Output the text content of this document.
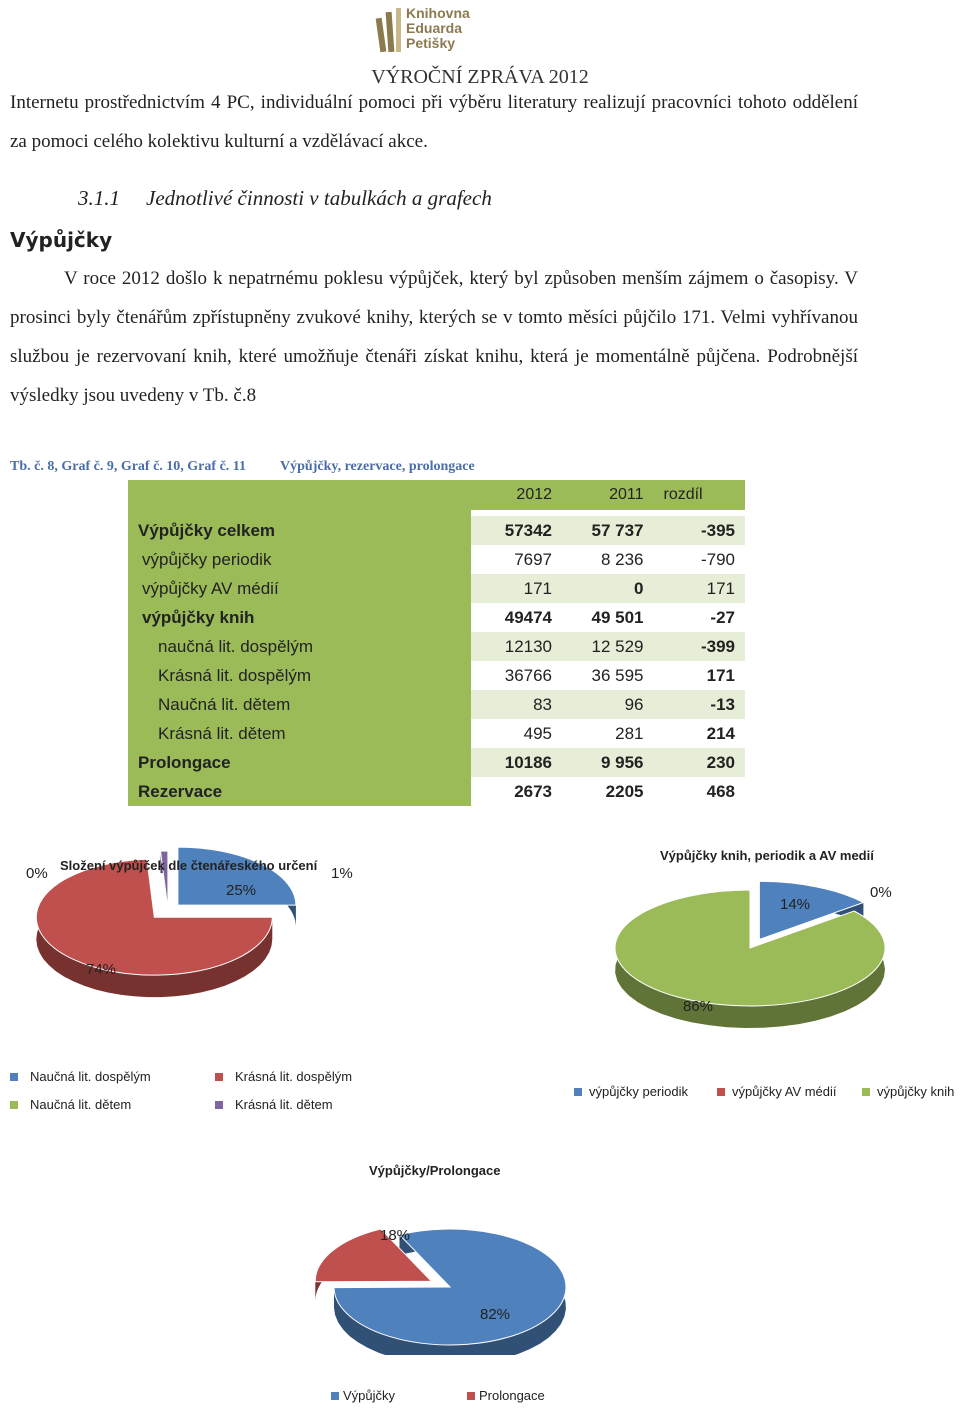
Knihovna
Eduarda
Petišky
VÝROČNÍ ZPRÁVA 2012
Internetu prostřednictvím 4 PC, individuální pomoci při výběru literatury realizují pracovníci tohoto oddělení za pomoci celého kolektivu kulturní a vzdělávací akce.
3.1.1 Jednotlivé činnosti v tabulkách a grafech
Výpůjčky
V roce 2012 došlo k nepatrnému poklesu výpůjček, který byl způsoben menším zájmem o časopisy. V prosinci byly čtenářům zpřístupněny zvukové knihy, kterých se v tomto měsíci půjčilo 171. Velmi vyhřívanou službou je rezervovaní knih, které umožňuje čtenáři získat knihu, která je momentálně půjčena. Podrobnější výsledky jsou uvedeny v Tb. č.8
Tb. č. 8, Graf č. 9, Graf č. 10, Graf č. 11 Výpůjčky, rezervace, prolongace
	2012	2011	rozdíl

Výpůjčky celkem	57342	57 737	-395
výpůjčky periodik	7697	8 236	-790
výpůjčky AV médií	171	0	171
výpůjčky knih	49474	49 501	-27
naučná lit. dospělým	12130	12 529	-399
Krásná lit. dospělým	36766	36 595	171
Naučná lit. dětem	83	96	-13
Krásná lit. dětem	495	281	214
Prolongace	10186	9 956	230
Rezervace	2673	2205	468
Složení výpůjček dle čtenářeského určení
25%
74%
0%	1%
Naučná lit. dospělým	Krásná lit. dospělým
Naučná lit. dětem	Krásná lit. dětem
Výpůjčky knih, periodik a AV medií
14%
0%
86%
výpůjčky periodik	výpůjčky AV médií	výpůjčky knih
Výpůjčky/Prolongace
18%
82%
Výpůjčky	Prolongace
